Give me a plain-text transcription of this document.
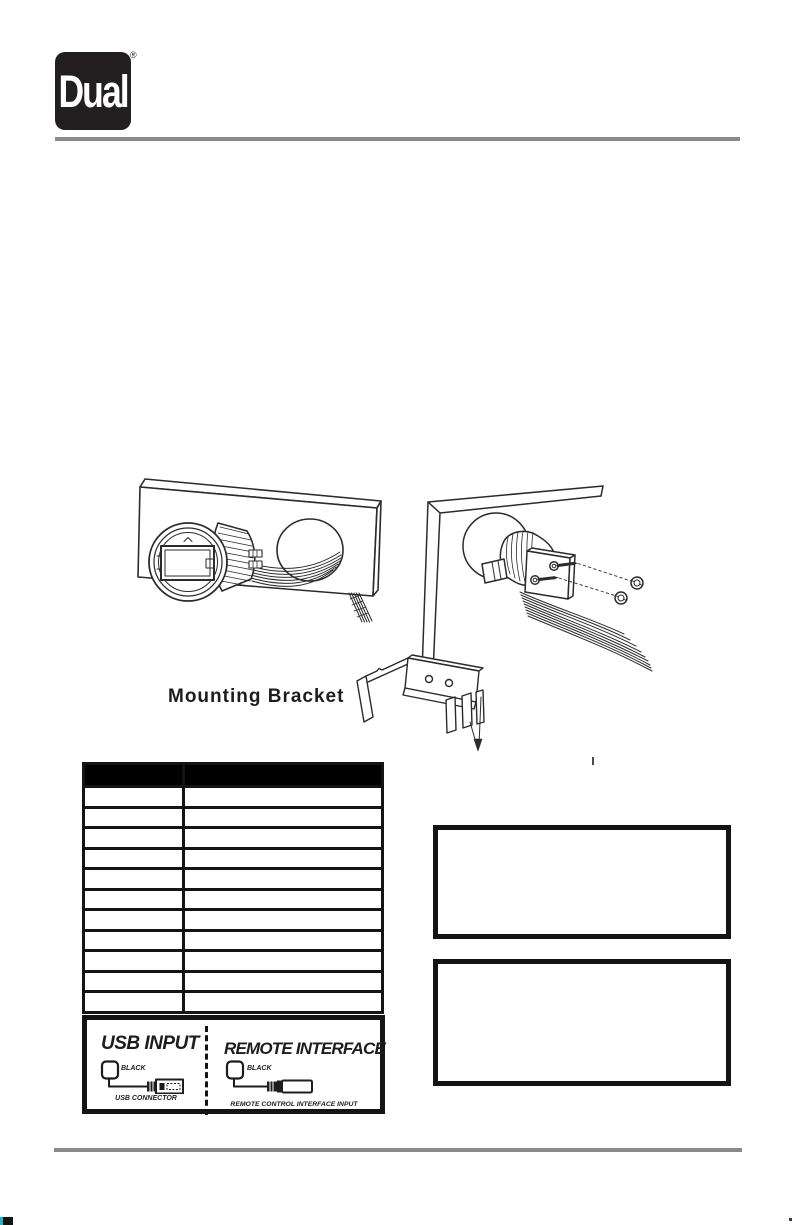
Dual
®
Mounting Bracket

USB INPUT
BLACK
USB CONNECTOR
REMOTE INTERFACE
BLACK
REMOTE CONTROL INTERFACE INPUT
